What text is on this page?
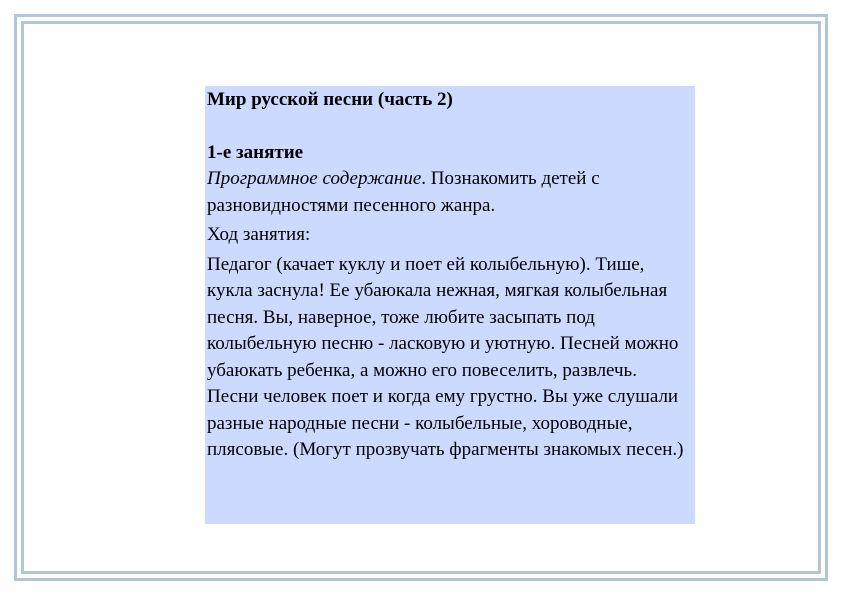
Мир русской песни (часть 2)

1-е занятие

Программное содержание. Познакомить детей с разновидностями песенного жанра.

Ход занятия:

Педагог (качает куклу и поет ей колыбельную). Тише, кукла заснула! Ее убаюкала нежная, мягкая колыбельная песня. Вы, наверное, тоже любите засыпать под колыбельную песню - ласковую и уютную. Песней можно убаюкать ребенка, а можно его повеселить, развлечь. Песни человек поет и когда ему грустно. Вы уже слушали разные народные песни - колыбельные, хороводные, плясовые. (Могут прозвучать фрагменты знакомых песен.)
